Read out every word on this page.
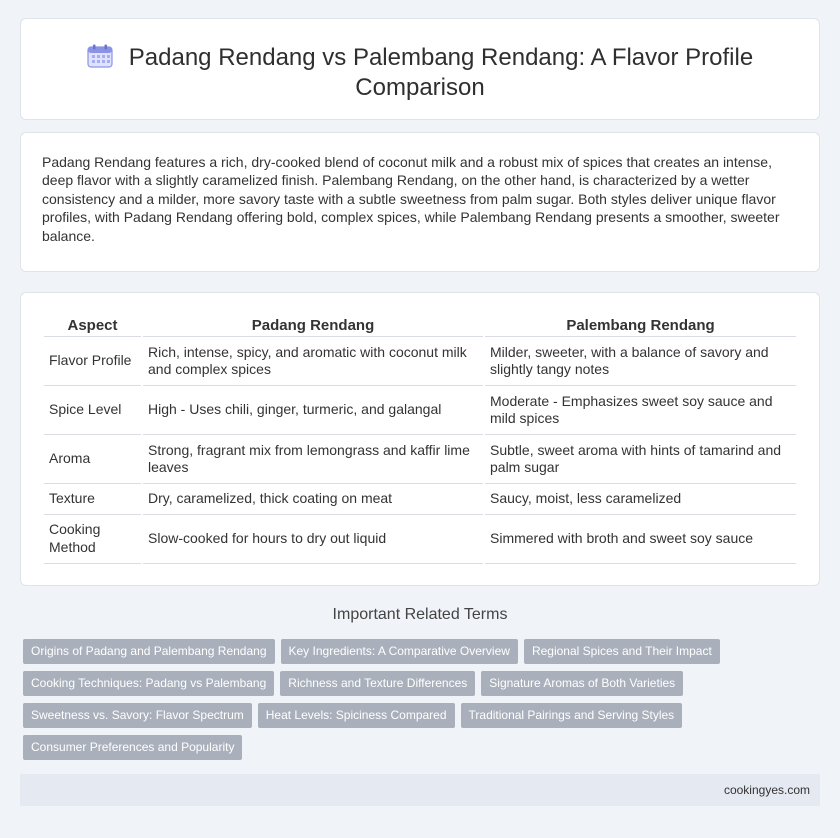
Padang Rendang vs Palembang Rendang: A Flavor Profile Comparison

Padang Rendang features a rich, dry-cooked blend of coconut milk and a robust mix of spices that creates an intense, deep flavor with a slightly caramelized finish. Palembang Rendang, on the other hand, is characterized by a wetter consistency and a milder, more savory taste with a subtle sweetness from palm sugar. Both styles deliver unique flavor profiles, with Padang Rendang offering bold, complex spices, while Palembang Rendang presents a smoother, sweeter balance.

Aspect	Padang Rendang	Palembang Rendang
Flavor Profile	Rich, intense, spicy, and aromatic with coconut milk and complex spices	Milder, sweeter, with a balance of savory and slightly tangy notes
Spice Level	High - Uses chili, ginger, turmeric, and galangal	Moderate - Emphasizes sweet soy sauce and mild spices
Aroma	Strong, fragrant mix from lemongrass and kaffir lime leaves	Subtle, sweet aroma with hints of tamarind and palm sugar
Texture	Dry, caramelized, thick coating on meat	Saucy, moist, less caramelized
Cooking Method	Slow-cooked for hours to dry out liquid	Simmered with broth and sweet soy sauce
Important Related Terms
Origins of Padang and Palembang Rendang Key Ingredients: A Comparative Overview Regional Spices and Their Impact
Cooking Techniques: Padang vs Palembang Richness and Texture Differences Signature Aromas of Both Varieties
Sweetness vs. Savory: Flavor Spectrum Heat Levels: Spiciness Compared Traditional Pairings and Serving Styles
Consumer Preferences and Popularity
cookingyes.com
